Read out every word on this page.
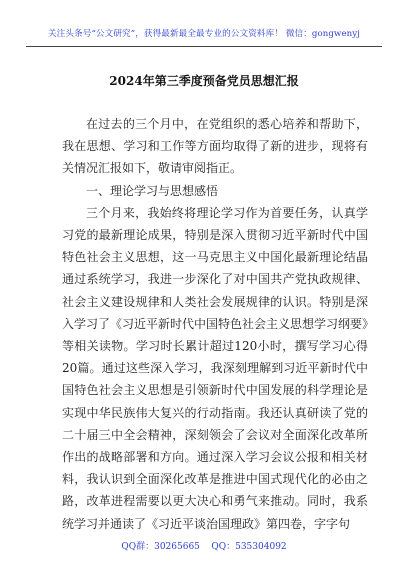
关注头条号“公文研究”，获得最新最全最专业的公文资料库！ 微信：gongwenyj
2024年第三季度预备党员思想汇报

在过去的三个月中，在党组织的悉心培养和帮助下，我在思想、学习和工作等方面均取得了新的进步，现将有关情况汇报如下，敬请审阅指正。

一、理论学习与思想感悟

三个月来，我始终将理论学习作为首要任务，认真学习党的最新理论成果，特别是深入贯彻习近平新时代中国特色社会主义思想，这一马克思主义中国化最新理论结晶通过系统学习，我进一步深化了对中国共产党执政规律、社会主义建设规律和人类社会发展规律的认识。特别是深入学习了《习近平新时代中国特色社会主义思想学习纲要》等相关读物。学习时长累计超过120小时，撰写学习心得20篇。通过这些深入学习，我深刻理解到习近平新时代中国特色社会主义思想是引领新时代中国发展的科学理论是实现中华民族伟大复兴的行动指南。我还认真研读了党的二十届三中全会精神，深刻领会了会议对全面深化改革所作出的战略部署和方向。通过深入学习会议公报和相关材料，我认识到全面深化改革是推进中国式现代化的必由之路，改革进程需要以更大决心和勇气来推动。同时，我系统学习并通读了《习近平谈治国理政》第四卷，字字句

QQ群：30265665    QQ：535304092
